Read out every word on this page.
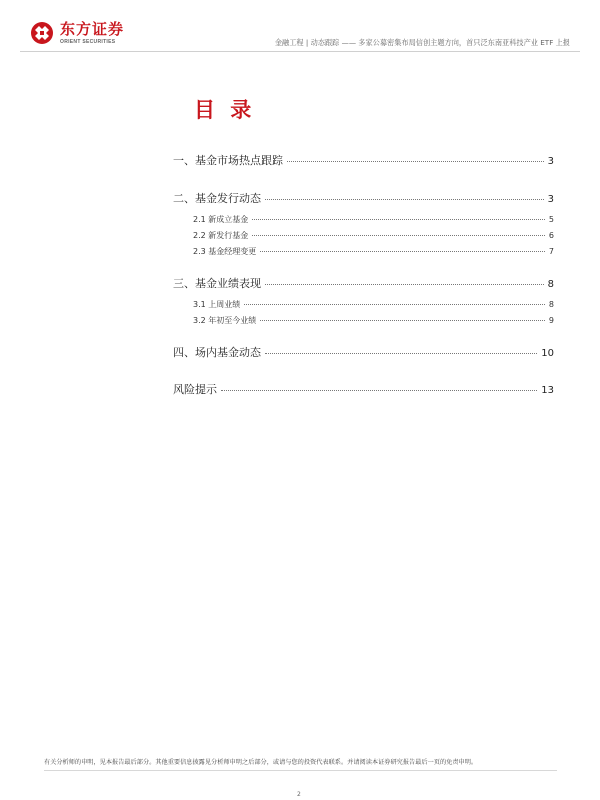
东方证券
ORIENT SECURITIES	金融工程 | 动态跟踪 —— 多家公募密集布局信创主题方向，首只泛东南亚科技产业 ETF 上报
目 录
一、基金市场热点跟踪	3
二、基金发行动态	3
2.1 新成立基金	5
2.2 新发行基金	6
2.3 基金经理变更	7
三、基金业绩表现	8
3.1 上周业绩	8
3.2 年初至今业绩	9
四、场内基金动态	10
风险提示	13
有关分析师的申明，见本报告最后部分。其他重要信息披露见分析师申明之后部分，或请与您的投资代表联系。并请阅读本证券研究报告最后一页的免责申明。
2
